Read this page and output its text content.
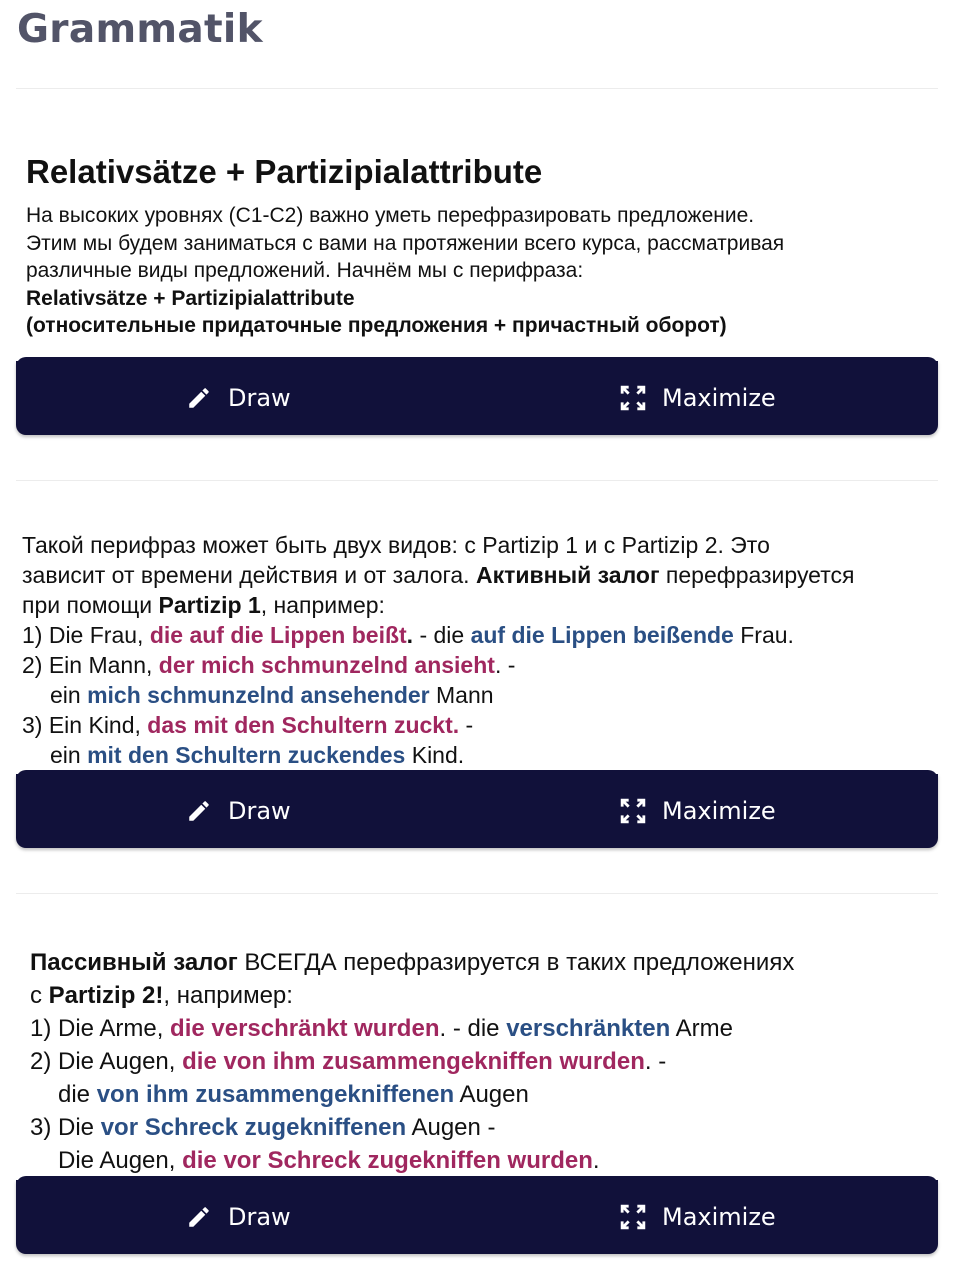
Grammatik
Relativsätze + Partizipialattribute
На высоких уровнях (С1-С2) важно уметь перефразировать предложение.
Этим мы будем заниматься с вами на протяжении всего курса, рассматривая
различные виды предложений. Начнём мы с перифраза:
Relativsätze + Partizipialattribute
(относительные придаточные предложения + причастный оборот)
Draw	Maximize
Такой перифраз может быть двух видов: с Partizip 1 и с Partizip 2. Это
зависит от времени действия и от залога. Активный залог перефразируется
при помощи Partizip 1, например:
1) Die Frau, die auf die Lippen beißt. - die auf die Lippen beißende Frau.
2) Ein Mann, der mich schmunzelnd ansieht. -
ein mich schmunzelnd ansehender Mann
3) Ein Kind, das mit den Schultern zuckt. -
ein mit den Schultern zuckendes Kind.
Draw	Maximize
Пассивный залог ВСЕГДА перефразируется в таких предложениях
с Partizip 2!, например:
1) Die Arme, die verschränkt wurden. - die verschränkten Arme
2) Die Augen, die von ihm zusammengekniffen wurden. -
die von ihm zusammengekniffenen Augen
3) Die vor Schreck zugekniffenen Augen -
Die Augen, die vor Schreck zugekniffen wurden.
Draw	Maximize
